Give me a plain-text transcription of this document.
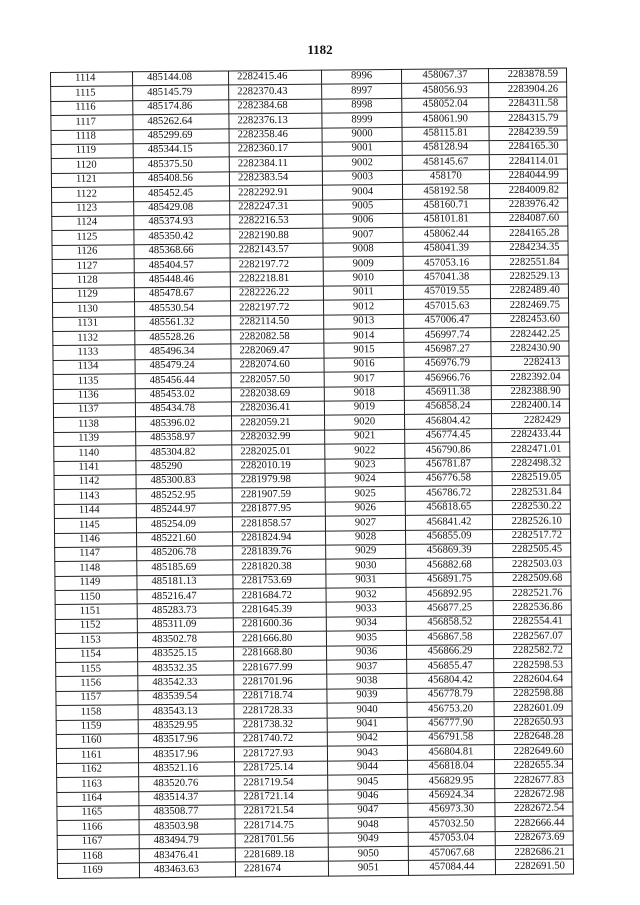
1182
1114	485144.08	2282415.46	8996	458067.37	2283878.59
1115	485145.79	2282370.43	8997	458056.93	2283904.26
1116	485174.86	2282384.68	8998	458052.04	2284311.58
1117	485262.64	2282376.13	8999	458061.90	2284315.79
1118	485299.69	2282358.46	9000	458115.81	2284239.59
1119	485344.15	2282360.17	9001	458128.94	2284165.30
1120	485375.50	2282384.11	9002	458145.67	2284114.01
1121	485408.56	2282383.54	9003	458170	2284044.99
1122	485452.45	2282292.91	9004	458192.58	2284009.82
1123	485429.08	2282247.31	9005	458160.71	2283976.42
1124	485374.93	2282216.53	9006	458101.81	2284087.60
1125	485350.42	2282190.88	9007	458062.44	2284165.28
1126	485368.66	2282143.57	9008	458041.39	2284234.35
1127	485404.57	2282197.72	9009	457053.16	2282551.84
1128	485448.46	2282218.81	9010	457041.38	2282529.13
1129	485478.67	2282226.22	9011	457019.55	2282489.40
1130	485530.54	2282197.72	9012	457015.63	2282469.75
1131	485561.32	2282114.50	9013	457006.47	2282453.60
1132	485528.26	2282082.58	9014	456997.74	2282442.25
1133	485496.34	2282069.47	9015	456987.27	2282430.90
1134	485479.24	2282074.60	9016	456976.79	2282413
1135	485456.44	2282057.50	9017	456966.76	2282392.04
1136	485453.02	2282038.69	9018	456911.38	2282388.90
1137	485434.78	2282036.41	9019	456858.24	2282400.14
1138	485396.02	2282059.21	9020	456804.42	2282429
1139	485358.97	2282032.99	9021	456774.45	2282433.44
1140	485304.82	2282025.01	9022	456790.86	2282471.01
1141	485290	2282010.19	9023	456781.87	2282498.32
1142	485300.83	2281979.98	9024	456776.58	2282519.05
1143	485252.95	2281907.59	9025	456786.72	2282531.84
1144	485244.97	2281877.95	9026	456818.65	2282530.22
1145	485254.09	2281858.57	9027	456841.42	2282526.10
1146	485221.60	2281824.94	9028	456855.09	2282517.72
1147	485206.78	2281839.76	9029	456869.39	2282505.45
1148	485185.69	2281820.38	9030	456882.68	2282503.03
1149	485181.13	2281753.69	9031	456891.75	2282509.68
1150	485216.47	2281684.72	9032	456892.95	2282521.76
1151	485283.73	2281645.39	9033	456877.25	2282536.86
1152	485311.09	2281600.36	9034	456858.52	2282554.41
1153	483502.78	2281666.80	9035	456867.58	2282567.07
1154	483525.15	2281668.80	9036	456866.29	2282582.72
1155	483532.35	2281677.99	9037	456855.47	2282598.53
1156	483542.33	2281701.96	9038	456804.42	2282604.64
1157	483539.54	2281718.74	9039	456778.79	2282598.88
1158	483543.13	2281728.33	9040	456753.20	2282601.09
1159	483529.95	2281738.32	9041	456777.90	2282650.93
1160	483517.96	2281740.72	9042	456791.58	2282648.28
1161	483517.96	2281727.93	9043	456804.81	2282649.60
1162	483521.16	2281725.14	9044	456818.04	2282655.34
1163	483520.76	2281719.54	9045	456829.95	2282677.83
1164	483514.37	2281721.14	9046	456924.34	2282672.98
1165	483508.77	2281721.54	9047	456973.30	2282672.54
1166	483503.98	2281714.75	9048	457032.50	2282666.44
1167	483494.79	2281701.56	9049	457053.04	2282673.69
1168	483476.41	2281689.18	9050	457067.68	2282686.21
1169	483463.63	2281674	9051	457084.44	2282691.50
